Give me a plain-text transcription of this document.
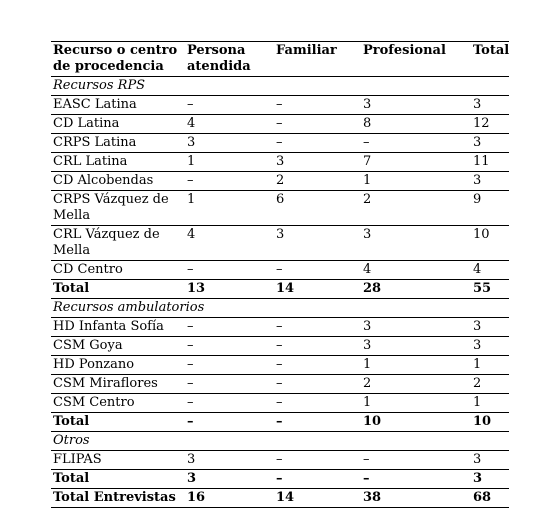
Recurso o centro de procedencia	Persona atendida	Familiar	Profesional	Total
Recursos RPS				
EASC Latina	–	–	3	3
CD Latina	4	–	8	12
CRPS Latina	3	–	–	3
CRL Latina	1	3	7	11
CD Alcobendas	–	2	1	3
CRPS Vázquez de Mella	1	6	2	9
CRL Vázquez de Mella	4	3	3	10
CD Centro	–	–	4	4
Total	13	14	28	55
Recursos ambulatorios				
HD Infanta Sofía	–	–	3	3
CSM Goya	–	–	3	3
HD Ponzano	–	–	1	1
CSM Miraflores	–	–	2	2
CSM Centro	–	–	1	1
Total	–	–	10	10
Otros				
FLIPAS	3	–	–	3
Total	3	–	–	3
Total Entrevistas	16	14	38	68
